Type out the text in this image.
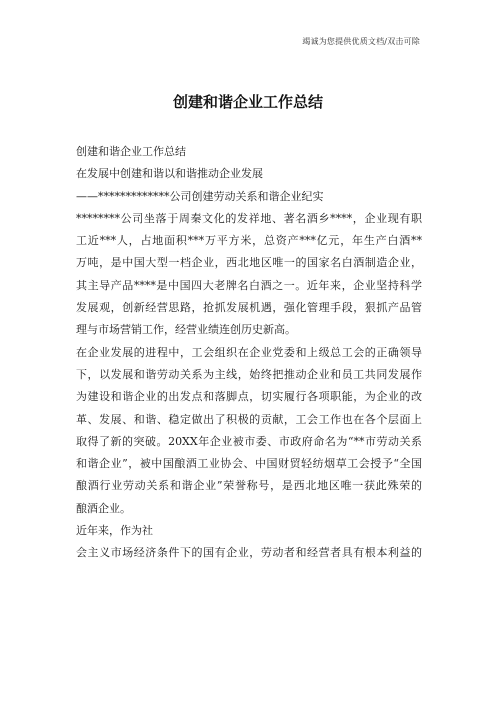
竭诚为您提供优质文档/双击可除
创建和谐企业工作总结

创建和谐企业工作总结

在发展中创建和谐以和谐推动企业发展

——*************公司创建劳动关系和谐企业纪实

********公司坐落于周秦文化的发祥地、著名酒乡****，企业现有职
工近***人，占地面积***万平方米，总资产***亿元，年生产白酒**
万吨，是中国大型一档企业，西北地区唯一的国家名白酒制造企业，
其主导产品****是中国四大老牌名白酒之一。近年来，企业坚持科学
发展观，创新经营思路，抢抓发展机遇，强化管理手段，狠抓产品管
理与市场营销工作，经营业绩连创历史新高。

在企业发展的进程中，工会组织在企业党委和上级总工会的正确领导
下，以发展和谐劳动关系为主线，始终把推动企业和员工共同发展作
为建设和谐企业的出发点和落脚点，切实履行各项职能，为企业的改
革、发展、和谐、稳定做出了积极的贡献，工会工作也在各个层面上
取得了新的突破。20XX年企业被市委、市政府命名为“**市劳动关系
和谐企业”，被中国酿酒工业协会、中国财贸轻纺烟草工会授予“全国
酿酒行业劳动关系和谐企业”荣誉称号，是西北地区唯一获此殊荣的
酿酒企业。

近年来，作为社

会主义市场经济条件下的国有企业，劳动者和经营者具有根本利益的
